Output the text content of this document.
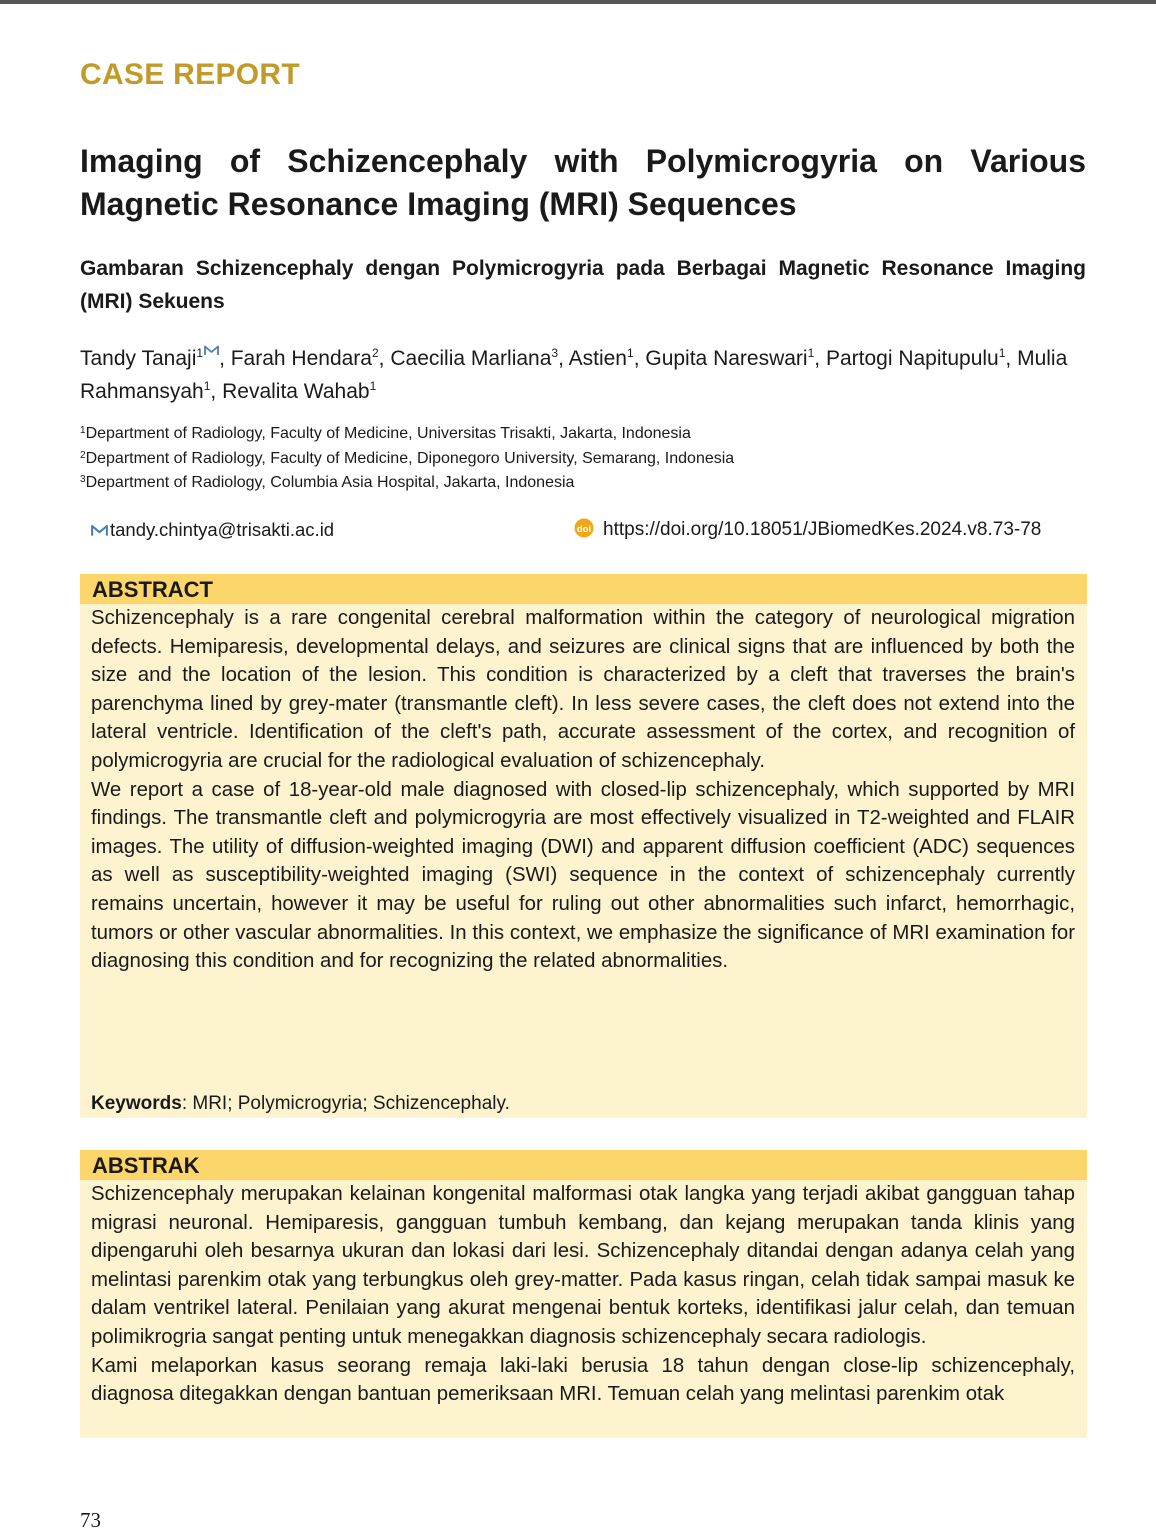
CASE REPORT
Imaging of Schizencephaly with Polymicrogyria on Various Magnetic Resonance Imaging (MRI) Sequences
Gambaran Schizencephaly dengan Polymicrogyria pada Berbagai Magnetic Resonance Imaging (MRI) Sekuens
Tandy Tanaji$^1$ , Farah Hendara$^2$, Caecilia Marliana$^3$, Astien$^1$, Gupita Nareswari$^1$, Partogi Napitupulu$^1$, Mulia Rahmansyah$^1$, Revalita Wahab$^1$
$^1$Department of Radiology, Faculty of Medicine, Universitas Trisakti, Jakarta, Indonesia
$^2$Department of Radiology, Faculty of Medicine, Diponegoro University, Semarang, Indonesia
$^3$Department of Radiology, Columbia Asia Hospital, Jakarta, Indonesia
tandy.chintya@trisakti.ac.id	doi https://doi.org/10.18051/JBiomedKes.2024.v8.73-78
ABSTRACT

Schizencephaly is a rare congenital cerebral malformation within the category of neurological migration defects. Hemiparesis, developmental delays, and seizures are clinical signs that are influenced by both the size and the location of the lesion. This condition is characterized by a cleft that traverses the brain's parenchyma lined by grey-mater (transmantle cleft). In less severe cases, the cleft does not extend into the lateral ventricle. Identification of the cleft's path, accurate assessment of the cortex, and recognition of polymicrogyria are crucial for the radiological evaluation of schizencephaly.

We report a case of 18-year-old male diagnosed with closed-lip schizencephaly, which supported by MRI findings. The transmantle cleft and polymicrogyria are most effectively visualized in T2-weighted and FLAIR images. The utility of diffusion-weighted imaging (DWI) and apparent diffusion coefficient (ADC) sequences as well as susceptibility-weighted imaging (SWI) sequence in the context of schizencephaly currently remains uncertain, however it may be useful for ruling out other abnormalities such infarct, hemorrhagic, tumors or other vascular abnormalities. In this context, we emphasize the significance of MRI examination for diagnosing this condition and for recognizing the related abnormalities.

Keywords: MRI; Polymicrogyria; Schizencephaly.
ABSTRAK

Schizencephaly merupakan kelainan kongenital malformasi otak langka yang terjadi akibat gangguan tahap migrasi neuronal. Hemiparesis, gangguan tumbuh kembang, dan kejang merupakan tanda klinis yang dipengaruhi oleh besarnya ukuran dan lokasi dari lesi. Schizencephaly ditandai dengan adanya celah yang melintasi parenkim otak yang terbungkus oleh grey-matter. Pada kasus ringan, celah tidak sampai masuk ke dalam ventrikel lateral. Penilaian yang akurat mengenai bentuk korteks, identifikasi jalur celah, dan temuan polimikrogria sangat penting untuk menegakkan diagnosis schizencephaly secara radiologis.

Kami melaporkan kasus seorang remaja laki-laki berusia 18 tahun dengan close-lip schizencephaly, diagnosa ditegakkan dengan bantuan pemeriksaan MRI. Temuan celah yang melintasi parenkim otak

73
